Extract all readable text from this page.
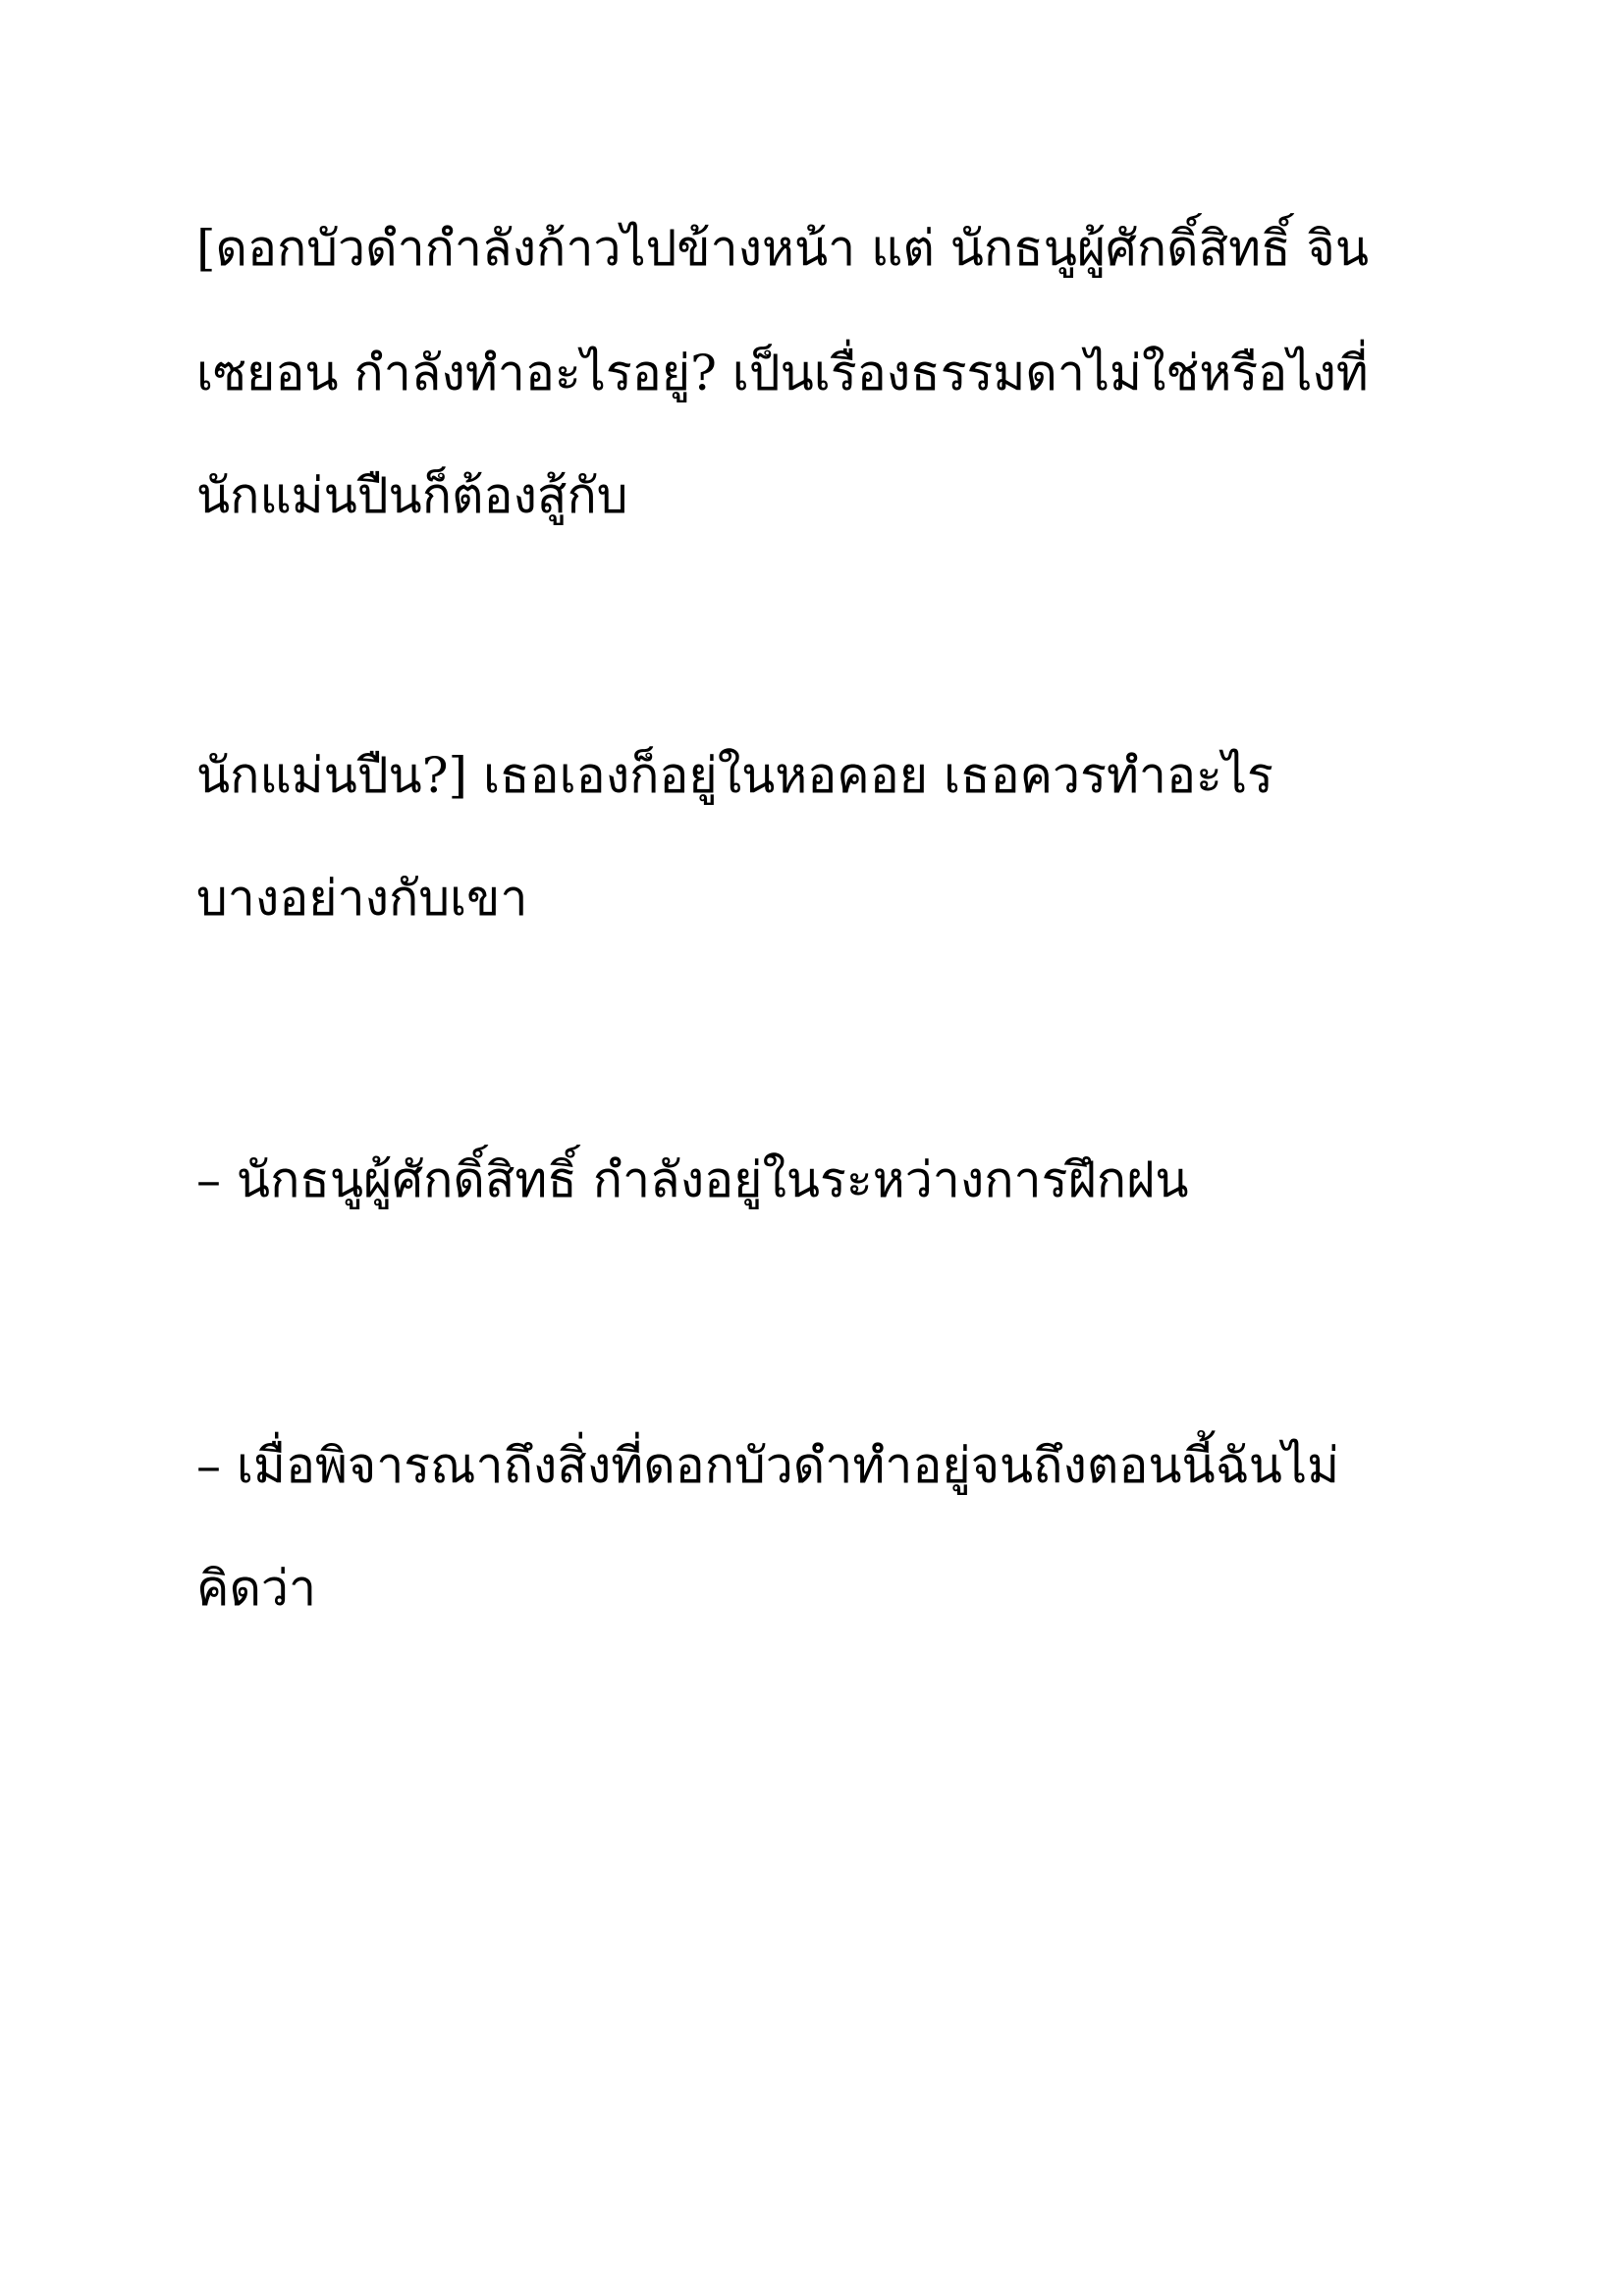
[ดอกบัวดำกำลังก้าวไปข้างหน้า แต่ นักธนูผู้ศักดิ์สิทธิ์ จิน

เซยอน กำลังทำอะไรอยู่? เป็นเรื่องธรรมดาไม่ใช่หรือไงที่

นักแม่นปืนก็ต้องสู้กับ

นักแม่นปืน?] เธอเองก็อยู่ในหอคอย เธอควรทำอะไร

บางอย่างกับเขา

– นักธนูผู้ศักดิ์สิทธิ์ กำลังอยู่ในระหว่างการฝึกฝน

– เมื่อพิจารณาถึงสิ่งที่ดอกบัวดำทำอยู่จนถึงตอนนี้ฉันไม่

คิดว่า
